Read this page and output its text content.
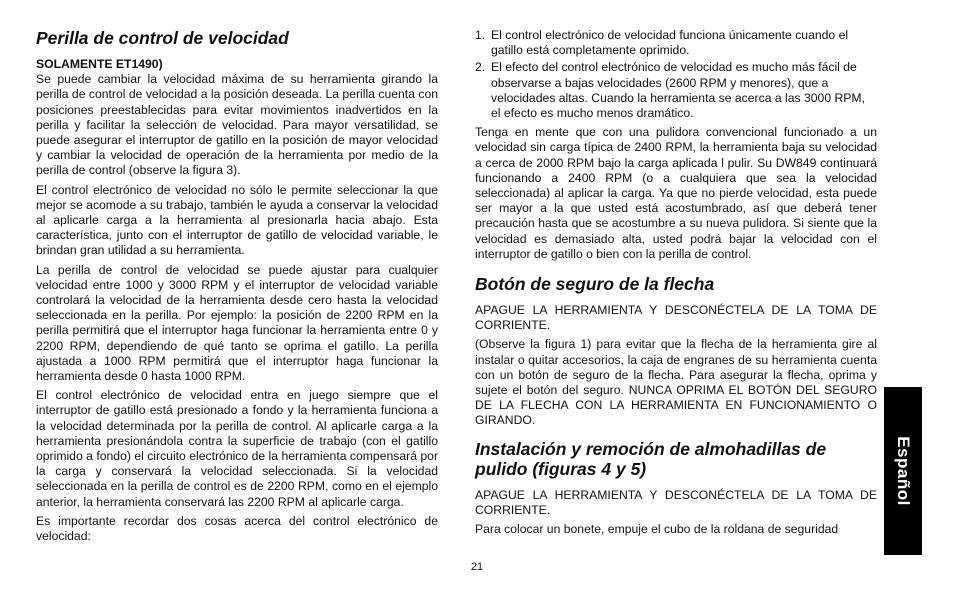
Perilla de control de velocidad
SOLAMENTE ET1490)

Se puede cambiar la velocidad máxima de su herramienta girando la perilla de control de velocidad a la posición deseada. La perilla cuenta con posiciones preestablecidas para evitar movimientos inadvertidos en la perilla y facilitar la selección de velocidad. Para mayor versatilidad, se puede asegurar el interruptor de gatillo en la posición de mayor velocidad y cambiar la velocidad de operación de la herramienta por medio de la perilla de control (observe la figura 3).

El control electrónico de velocidad no sólo le permite seleccionar la que mejor se acomode a su trabajo, también le ayuda a conservar la velocidad al aplicarle carga a la herramienta al presionarla hacia abajo. Esta característica, junto con el interruptor de gatillo de velocidad variable, le brindan gran utilidad a su herramienta.

La perilla de control de velocidad se puede ajustar para cualquier velocidad entre 1000 y 3000 RPM y el interruptor de velocidad variable controlará la velocidad de la herramienta desde cero hasta la velocidad seleccionada en la perilla. Por ejemplo: la posición de 2200 RPM en la perilla permitirá que el interruptor haga funcionar la herramienta entre 0 y 2200 RPM, dependiendo de qué tanto se oprima el gatillo. La perilla ajustada a 1000 RPM permitirá que el interruptor haga funcionar la herramienta desde 0 hasta 1000 RPM.

El control electrónico de velocidad entra en juego siempre que el interruptor de gatillo está presionado a fondo y la herramienta funciona a la velocidad determinada por la perilla de control. Al aplicarle carga a la herramienta presionándola contra la superficie de trabajo (con el gatillo oprimido a fondo) el circuito electrónico de la herramienta compensará por la carga y conservará la velocidad seleccionada. Si la velocidad seleccionada en la perilla de control es de 2200 RPM, como en el ejemplo anterior, la herramienta conservará las 2200 RPM al aplicarle carga.

Es importante recordar dos cosas acerca del control electrónico de velocidad:

1. El control electrónico de velocidad funciona únicamente cuando el gatillo está completamente oprimido.
2. El efecto del control electrónico de velocidad es mucho más fácil de observarse a bajas velocidades (2600 RPM y menores), que a velocidades altas. Cuando la herramienta se acerca a las 3000 RPM, el efecto es mucho menos dramático.

Tenga en mente que con una pulidora convencional funcionado a un velocidad sin carga típica de 2400 RPM, la herramienta baja su velocidad a cerca de 2000 RPM bajo la carga aplicada l pulir. Su DW849 continuará funcionando a 2400 RPM (o a cualquiera que sea la velocidad seleccionada) al aplicar la carga. Ya que no pierde velocidad, esta puede ser mayor a la que usted está acostumbrado, así que deberá tener precaución hasta que se acostumbre a su nueva pulidora. Si siente que la velocidad es demasiado alta, usted podrá bajar la velocidad con el interruptor de gatillo o bien con la perilla de control.

Botón de seguro de la flecha

APAGUE LA HERRAMIENTA Y DESCONÉCTELA DE LA TOMA DE CORRIENTE.

(Observe la figura 1) para evitar que la flecha de la herramienta gire al instalar o quitar accesorios, la caja de engranes de su herramienta cuenta con un botón de seguro de la flecha. Para asegurar la flecha, oprima y sujete el botón del seguro. NUNCA OPRIMA EL BOTÓN DEL SEGURO DE LA FLECHA CON LA HERRAMIENTA EN FUNCIONAMIENTO O GIRANDO.

Instalación y remoción de almohadillas de pulido (figuras 4 y 5)

APAGUE LA HERRAMIENTA Y DESCONÉCTELA DE LA TOMA DE CORRIENTE.

Para colocar un bonete, empuje el cubo de la roldana de seguridad

Español
21
